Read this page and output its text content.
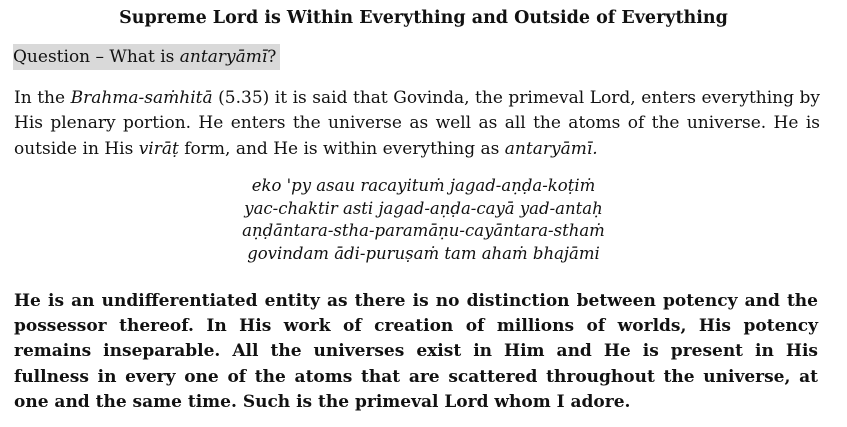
Supreme Lord is Within Everything and Outside of Everything
Question – What is antaryāmī?
In the Brahma-saṁhitā (5.35) it is said that Govinda, the primeval Lord, enters everything by His plenary portion. He enters the universe as well as all the atoms of the universe. He is outside in His virāṭ form, and He is within everything as antaryāmī.
eko 'py asau racayituṁ jagad-aṇḍa-koṭiṁ
yac-chaktir asti jagad-aṇḍa-cayā yad-antaḥ
aṇḍāntara-stha-paramāṇu-cayāntara-sthaṁ
govindam ādi-puruṣaṁ tam ahaṁ bhajāmi
He is an undifferentiated entity as there is no distinction between potency and the possessor thereof. In His work of creation of millions of worlds, His potency remains inseparable. All the universes exist in Him and He is present in His fullness in every one of the atoms that are scattered throughout the universe, at one and the same time. Such is the primeval Lord whom I adore.
